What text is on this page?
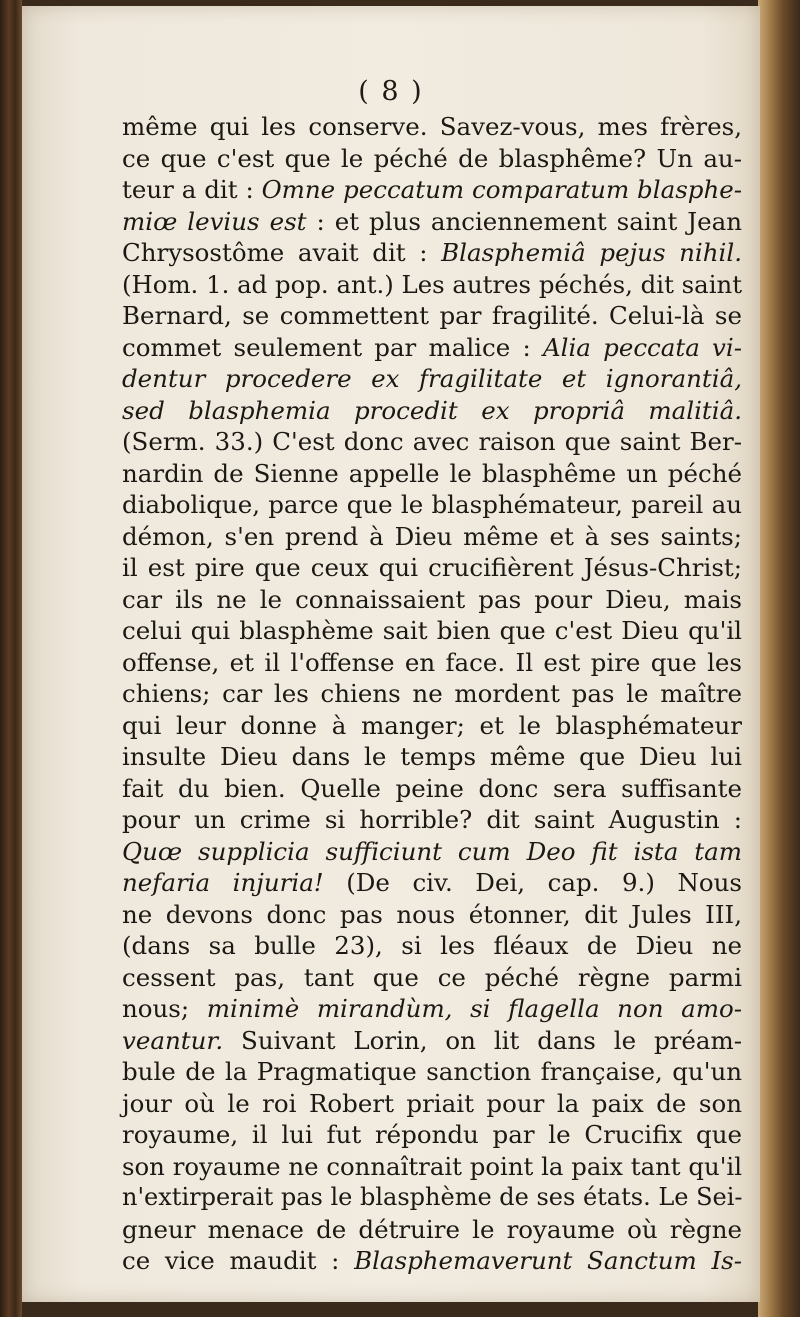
( 8 )
même qui les conserve. Savez-vous, mes frères,
ce que c'est que le péché de blasphême? Un au-
teur a dit : Omne peccatum comparatum blasphe-
miœ levius est : et plus anciennement saint Jean
Chrysostôme avait dit : Blasphemiâ pejus nihil.
(Hom. 1. ad pop. ant.) Les autres péchés, dit saint
Bernard, se commettent par fragilité. Celui-là se
commet seulement par malice : Alia peccata vi-
dentur procedere ex fragilitate et ignorantiâ,
sed blasphemia procedit ex propriâ malitiâ.
(Serm. 33.) C'est donc avec raison que saint Ber-
nardin de Sienne appelle le blasphême un péché
diabolique, parce que le blasphémateur, pareil au
démon, s'en prend à Dieu même et à ses saints;
il est pire que ceux qui crucifièrent Jésus-Christ;
car ils ne le connaissaient pas pour Dieu, mais
celui qui blasphème sait bien que c'est Dieu qu'il
offense, et il l'offense en face. Il est pire que les
chiens; car les chiens ne mordent pas le maître
qui leur donne à manger; et le blasphémateur
insulte Dieu dans le temps même que Dieu lui
fait du bien. Quelle peine donc sera suffisante
pour un crime si horrible? dit saint Augustin :
Quœ supplicia sufficiunt cum Deo fit ista tam
nefaria injuria! (De civ. Dei, cap. 9.) Nous
ne devons donc pas nous étonner, dit Jules III,
(dans sa bulle 23), si les fléaux de Dieu ne
cessent pas, tant que ce péché règne parmi
nous; minimè mirandùm, si flagella non amo-
veantur. Suivant Lorin, on lit dans le préam-
bule de la Pragmatique sanction française, qu'un
jour où le roi Robert priait pour la paix de son
royaume, il lui fut répondu par le Crucifix que
son royaume ne connaîtrait point la paix tant qu'il
n'extirperait pas le blasphème de ses états. Le Sei-
gneur menace de détruire le royaume où règne
ce vice maudit : Blasphemaverunt Sanctum Is-
